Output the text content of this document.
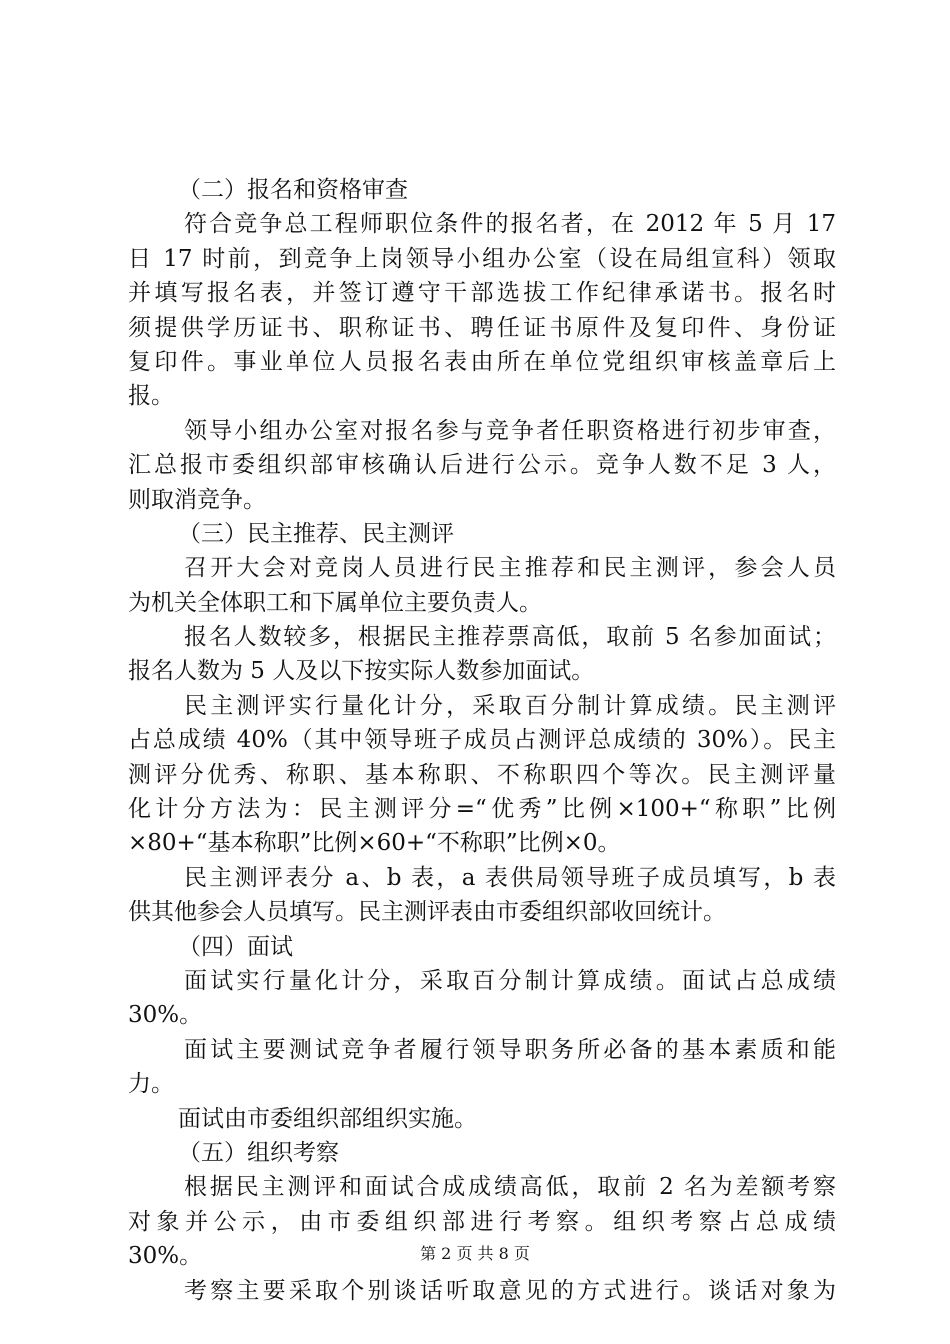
（二）报名和资格审查
符合竞争总工程师职位条件的报名者，在 2012 年 5 月 17
日 17 时前，到竞争上岗领导小组办公室（设在局组宣科）领取
并填写报名表，并签订遵守干部选拔工作纪律承诺书。报名时
须提供学历证书、职称证书、聘任证书原件及复印件、身份证
复印件。事业单位人员报名表由所在单位党组织审核盖章后上
报。
领导小组办公室对报名参与竞争者任职资格进行初步审查，
汇总报市委组织部审核确认后进行公示。竞争人数不足 3 人，
则取消竞争。
（三）民主推荐、民主测评
召开大会对竞岗人员进行民主推荐和民主测评，参会人员
为机关全体职工和下属单位主要负责人。
报名人数较多，根据民主推荐票高低，取前 5 名参加面试；
报名人数为 5 人及以下按实际人数参加面试。
民主测评实行量化计分，采取百分制计算成绩。民主测评
占总成绩 40%（其中领导班子成员占测评总成绩的 30%）。民主
测评分优秀、称职、基本称职、不称职四个等次。民主测评量
化计分方法为：民主测评分=“优秀”比例×100+“称职”比例
×80+“基本称职”比例×60+“不称职”比例×0。
民主测评表分 a、b 表，a 表供局领导班子成员填写，b 表
供其他参会人员填写。民主测评表由市委组织部收回统计。
（四）面试
面试实行量化计分，采取百分制计算成绩。面试占总成绩
30%。
面试主要测试竞争者履行领导职务所必备的基本素质和能
力。
面试由市委组织部组织实施。
（五）组织考察
根据民主测评和面试合成成绩高低，取前 2 名为差额考察
对象并公示，由市委组织部进行考察。组织考察占总成绩
30%。
考察主要采取个别谈话听取意见的方式进行。谈话对象为
第 2 页 共 8 页
